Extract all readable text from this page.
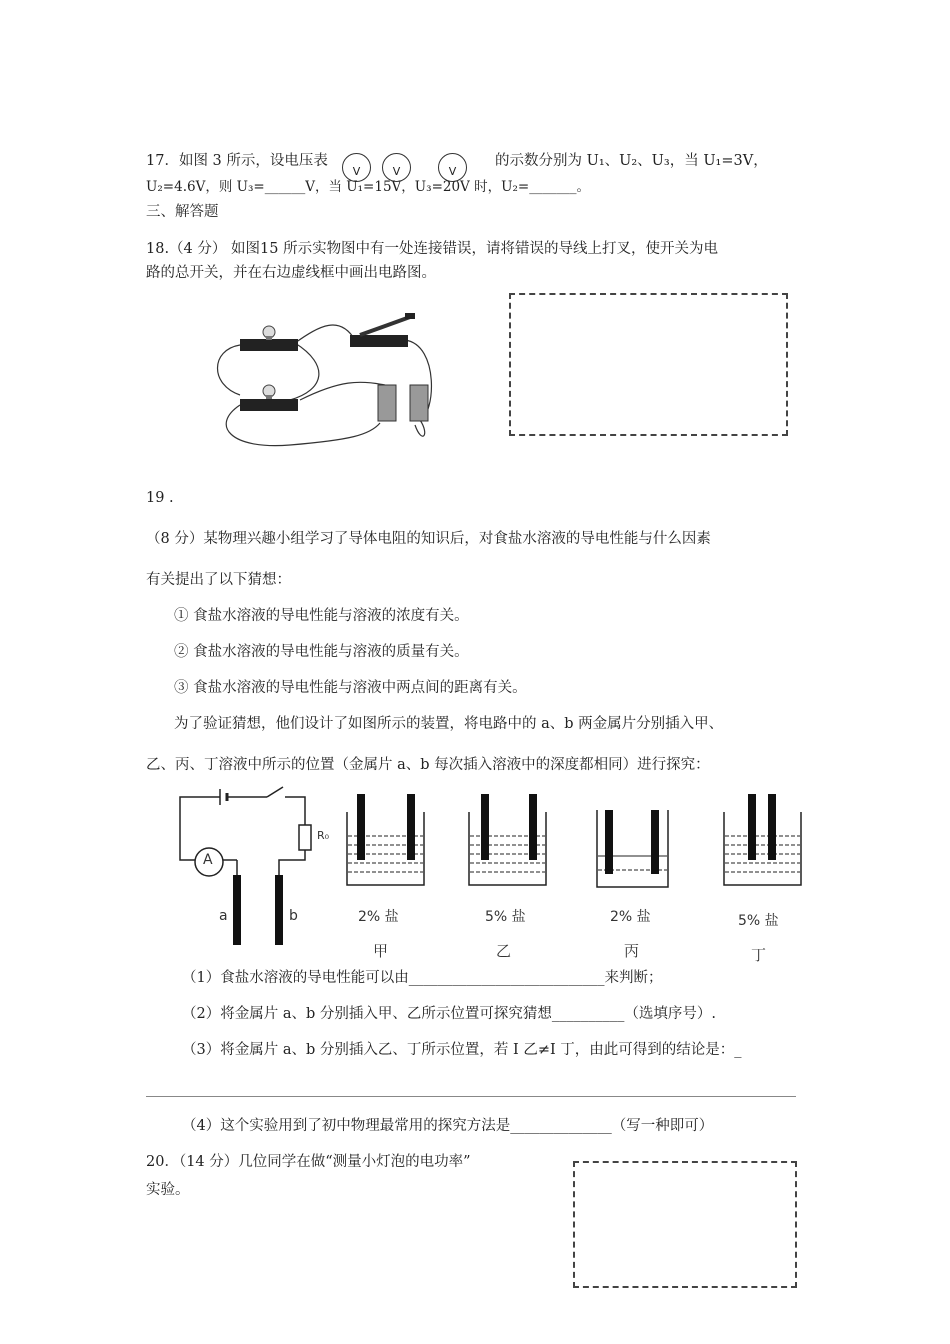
17．如图 3 所示，设电压表
V	V	V
的示数分别为 U₁、U₂、U₃，当 U₁=3V，
U₂=4.6V，则 U₃=______V，当 U₁=15V，U₃=20V 时，U₂=_______。
三、解答题
18.（4 分） 如图15 所示实物图中有一处连接错误，请将错误的导线上打叉，使开关为电
路的总开关，并在右边虚线框中画出电路图。
19 .
（8 分）某物理兴趣小组学习了导体电阻的知识后，对食盐水溶液的导电性能与什么因素
有关提出了以下猜想：
① 食盐水溶液的导电性能与溶液的浓度有关。
② 食盐水溶液的导电性能与溶液的质量有关。
③ 食盐水溶液的导电性能与溶液中两点间的距离有关。
为了验证猜想，他们设计了如图所示的装置，将电路中的 a、b 两金属片分别插入甲、
乙、丙、丁溶液中所示的位置（金属片 a、b 每次插入溶液中的深度都相同）进行探究：
A
R₀
a	b	2% 盐	5% 盐	2% 盐	5% 盐
甲	乙	丙	丁
（1）食盐水溶液的导电性能可以由___________________________来判断；
（2）将金属片 a、b 分别插入甲、乙所示位置可探究猜想__________（选填序号）.
（3）将金属片 a、b 分别插入乙、丁所示位置，若 I 乙≠I 丁，由此可得到的结论是：_
（4）这个实验用到了初中物理最常用的探究方法是______________（写一种即可）
20．（14 分）几位同学在做“测量小灯泡的电功率”
实验。
